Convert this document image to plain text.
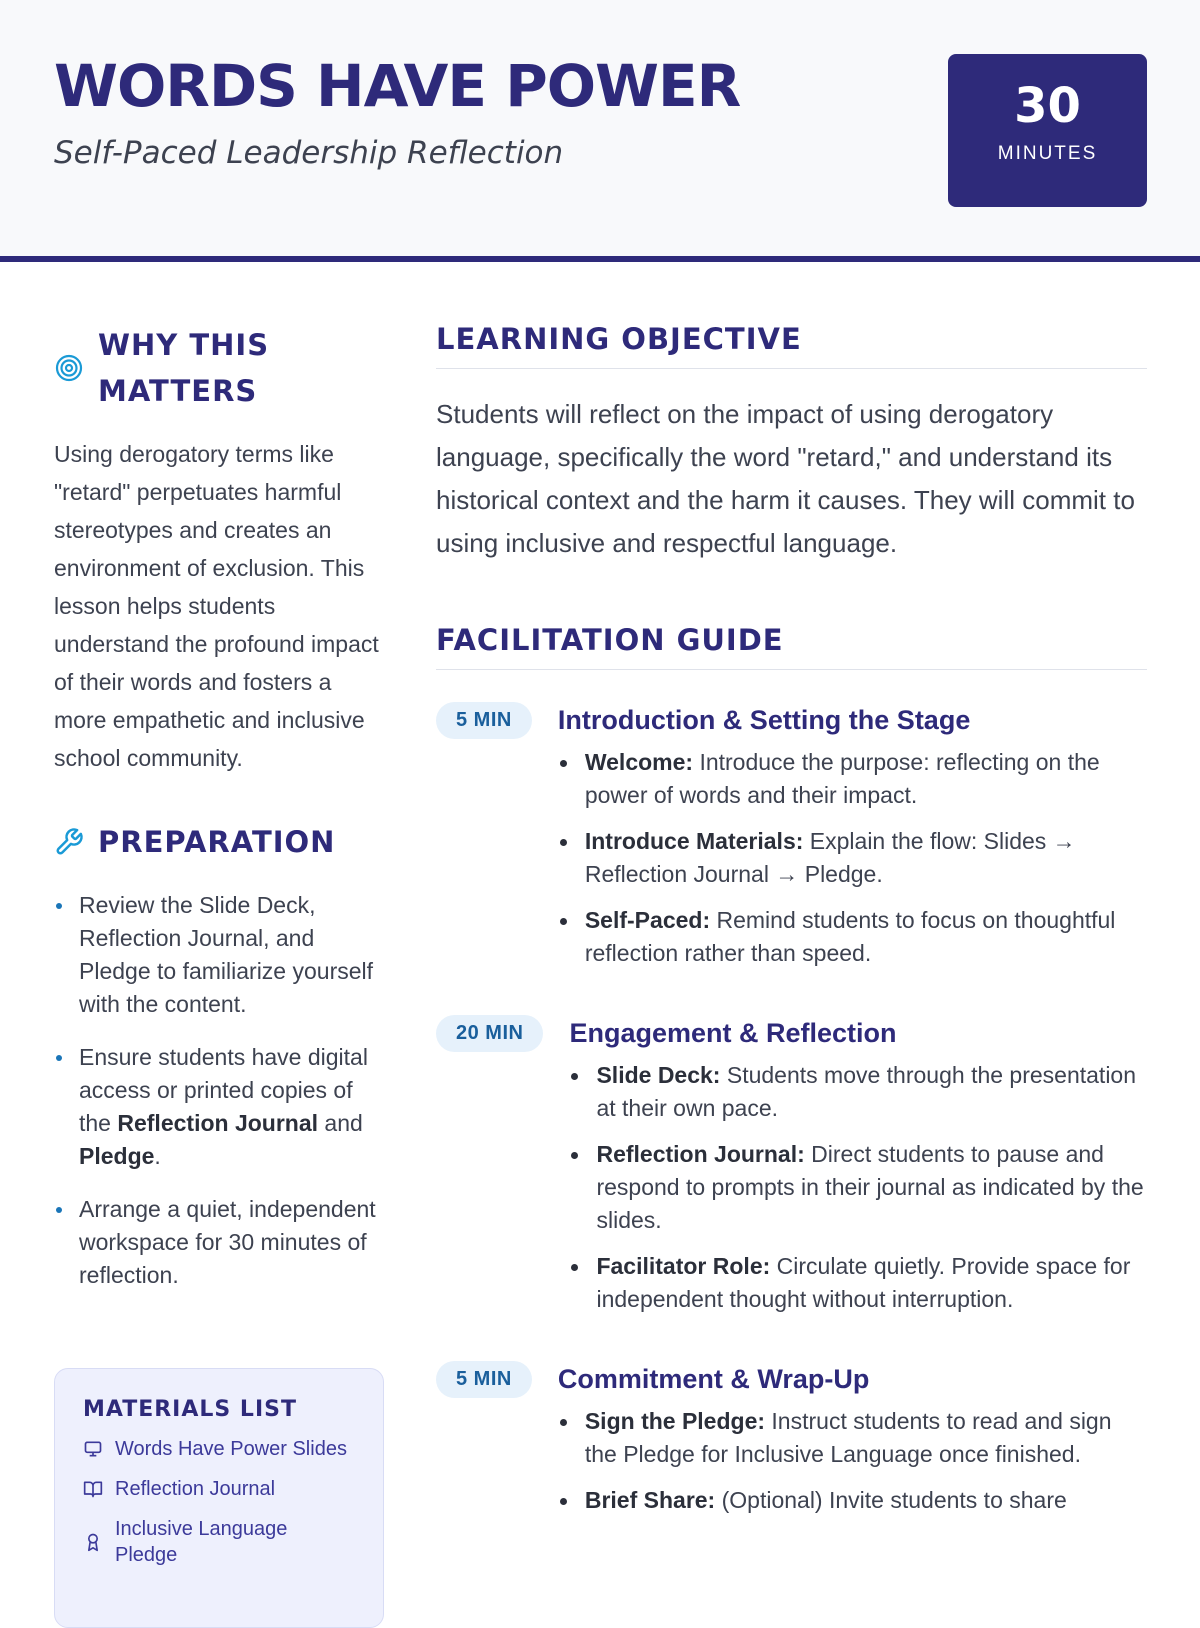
WORDS HAVE POWER
Self-Paced Leadership Reflection
30
MINUTES
WHY THIS MATTERS

Using derogatory terms like "retard" perpetuates harmful stereotypes and creates an environment of exclusion. This lesson helps students understand the profound impact of their words and fosters a more empathetic and inclusive school community.

PREPARATION
Review the Slide Deck, Reflection Journal, and Pledge to familiarize yourself with the content.
Ensure students have digital access or printed copies of the Reflection Journal and Pledge.
Arrange a quiet, independent workspace for 30 minutes of reflection.
MATERIALS LIST
Words Have Power Slides
Reflection Journal
Inclusive Language Pledge
LEARNING OBJECTIVE

Students will reflect on the impact of using derogatory language, specifically the word "retard," and understand its historical context and the harm it causes. They will commit to using inclusive and respectful language.

FACILITATION GUIDE
5 MIN	Introduction & Setting the Stage
Welcome: Introduce the purpose: reflecting on the power of words and their impact.
Introduce Materials: Explain the flow: Slides → Reflection Journal → Pledge.
Self-Paced: Remind students to focus on thoughtful reflection rather than speed.
20 MIN	Engagement & Reflection
Slide Deck: Students move through the presentation at their own pace.
Reflection Journal: Direct students to pause and respond to prompts in their journal as indicated by the slides.
Facilitator Role: Circulate quietly. Provide space for independent thought without interruption.
5 MIN	Commitment & Wrap-Up
Sign the Pledge: Instruct students to read and sign the Pledge for Inclusive Language once finished.
Brief Share: (Optional) Invite students to share
